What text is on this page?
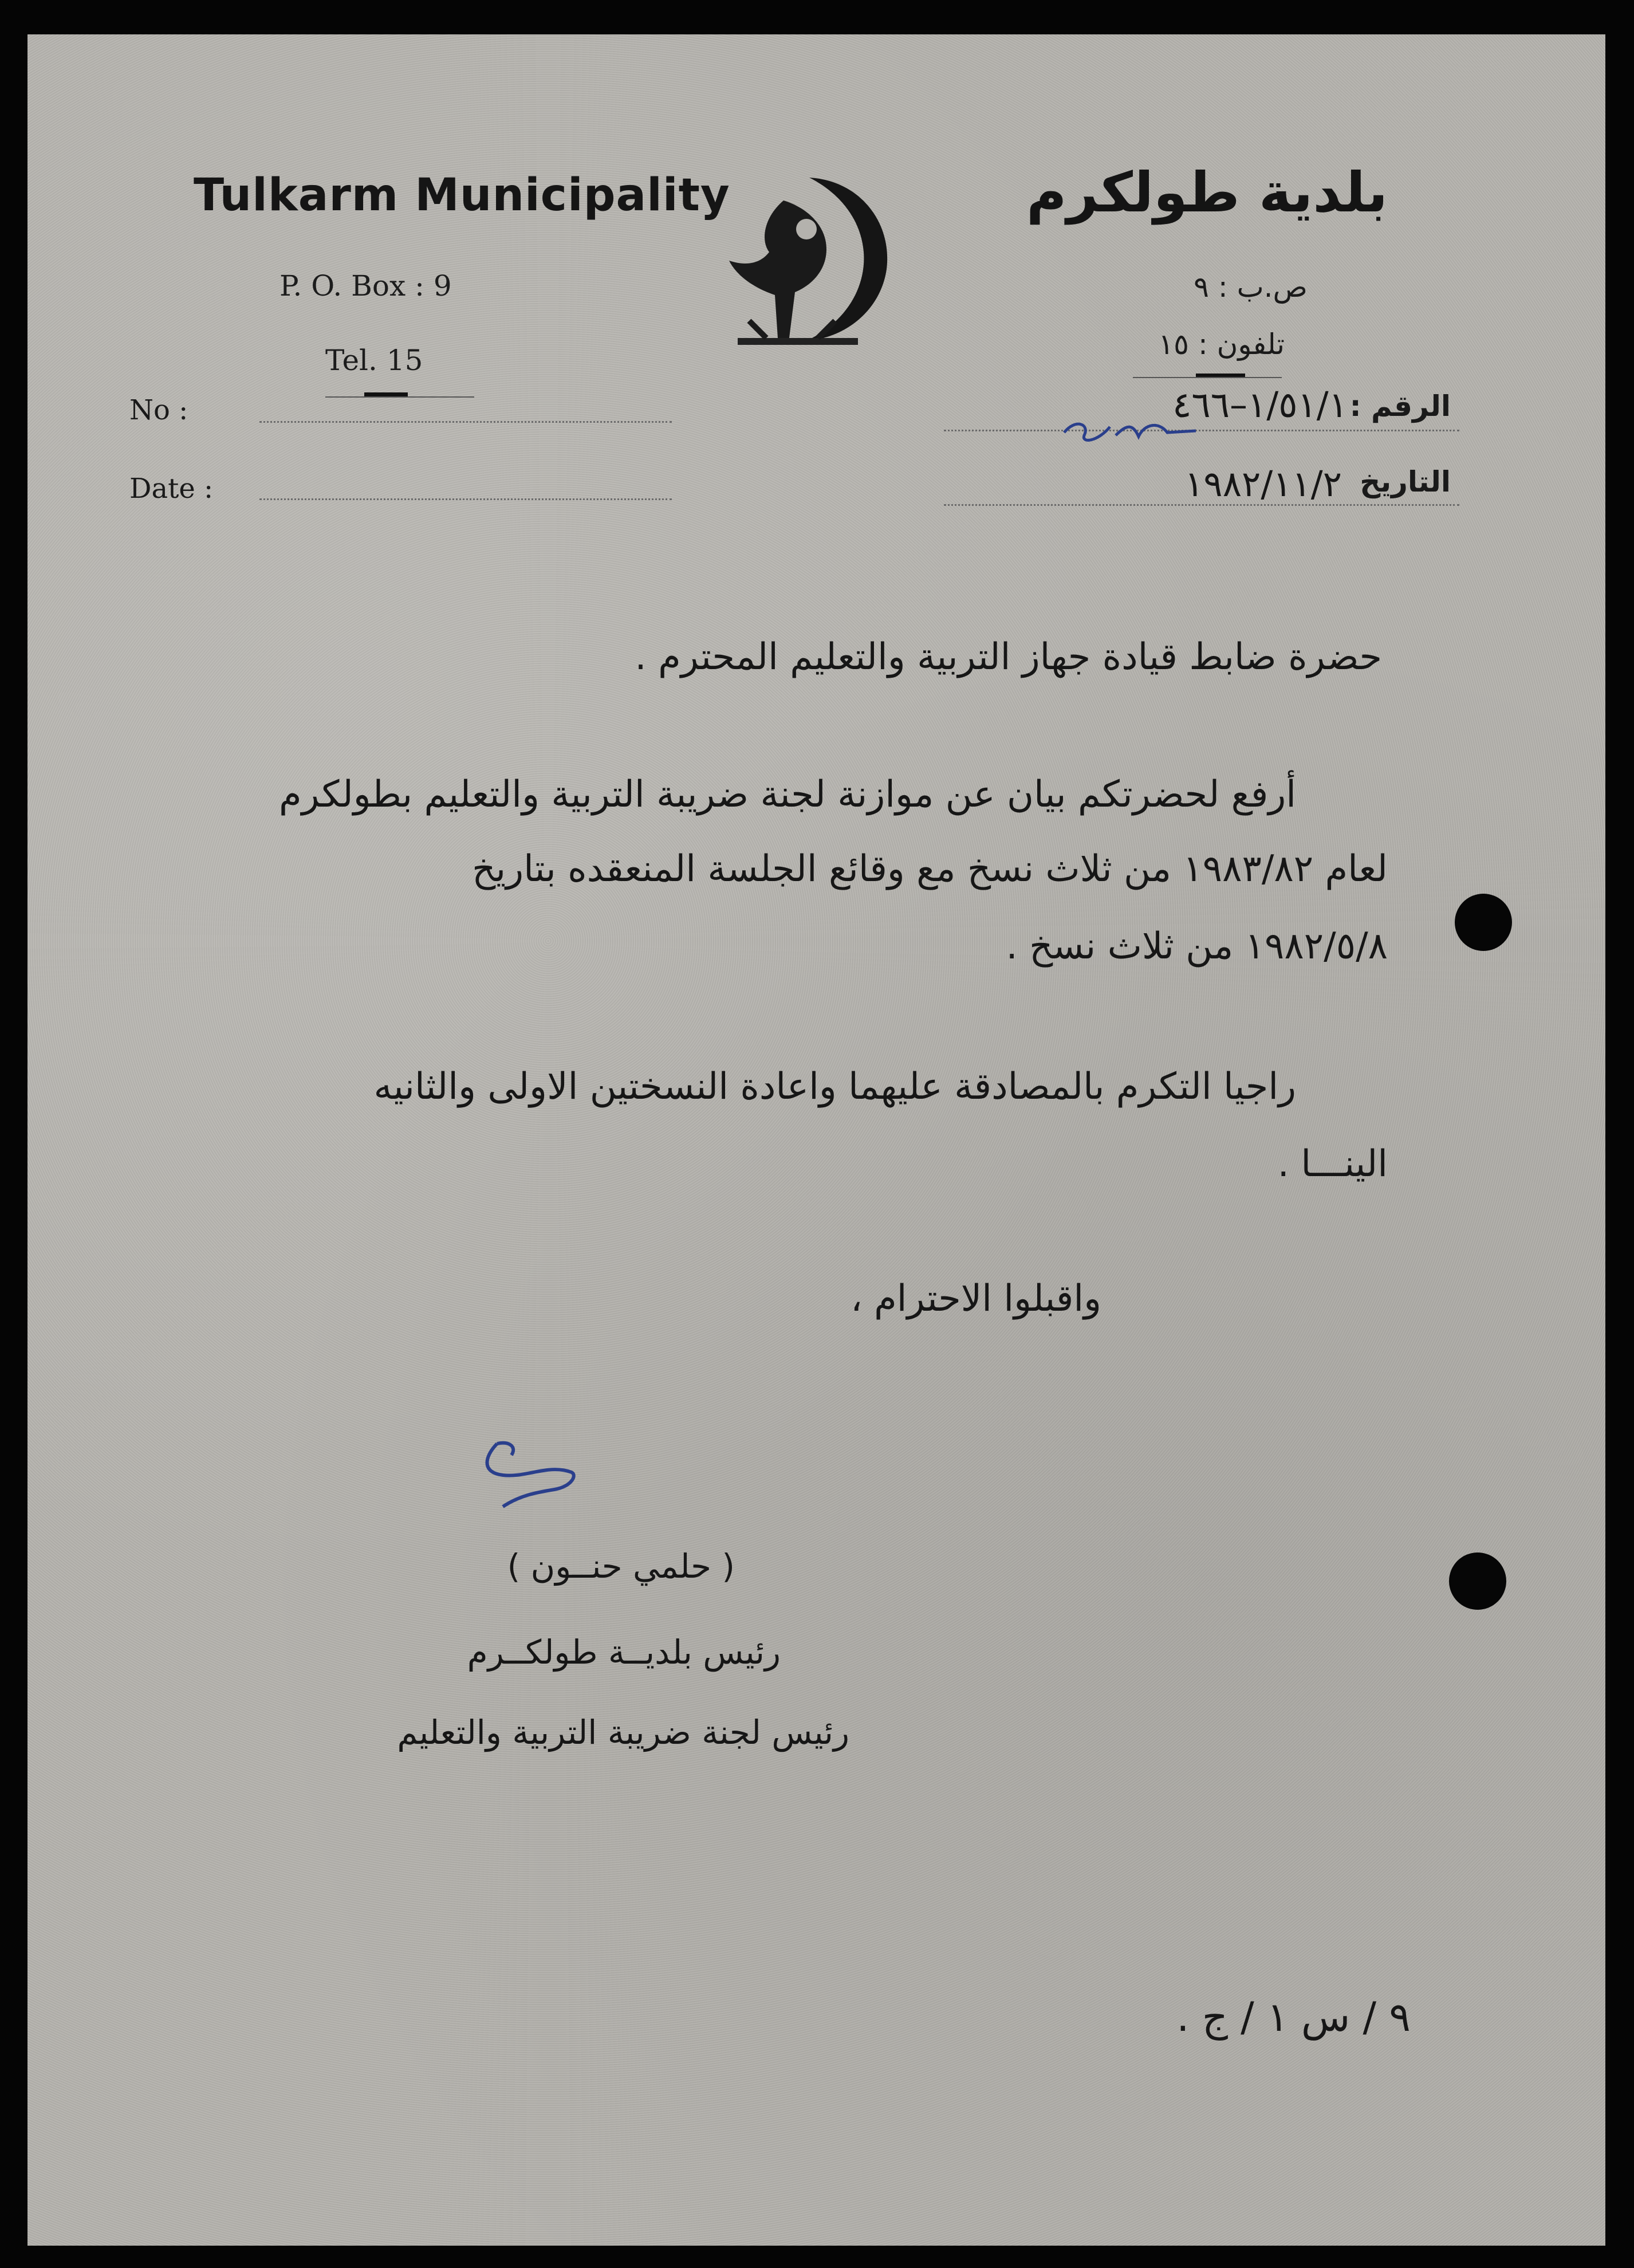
Tulkarm Municipality
P. O. Box : 9
Tel. 15
بلدية طولكرم
ص.ب : ٩
تلفون : ١٥
No :
Date :
الرقم :
١/٥١/١–٤٦٦
التاريخ
١٩٨٢/١١/٢
حضرة ضابط قيادة جهاز التربية والتعليم المحترم .
أرفع لحضرتكم بيان عن موازنة لجنة ضريبة التربية والتعليم بطولكرم
لعام ١٩٨٣/٨٢ من ثلاث نسخ مع وقائع الجلسة المنعقده بتاريخ
١٩٨٢/٥/٨ من ثلاث نسخ .
راجيا التكرم بالمصادقة عليهما واعادة النسختين الاولى والثانيه
الينـــا .
واقبلوا الاحترام ،
( حلمي حنــون )
رئيس بلديــة طولكــرم
رئيس لجنة ضريبة التربية والتعليم
٩ / س ١ / ج .
